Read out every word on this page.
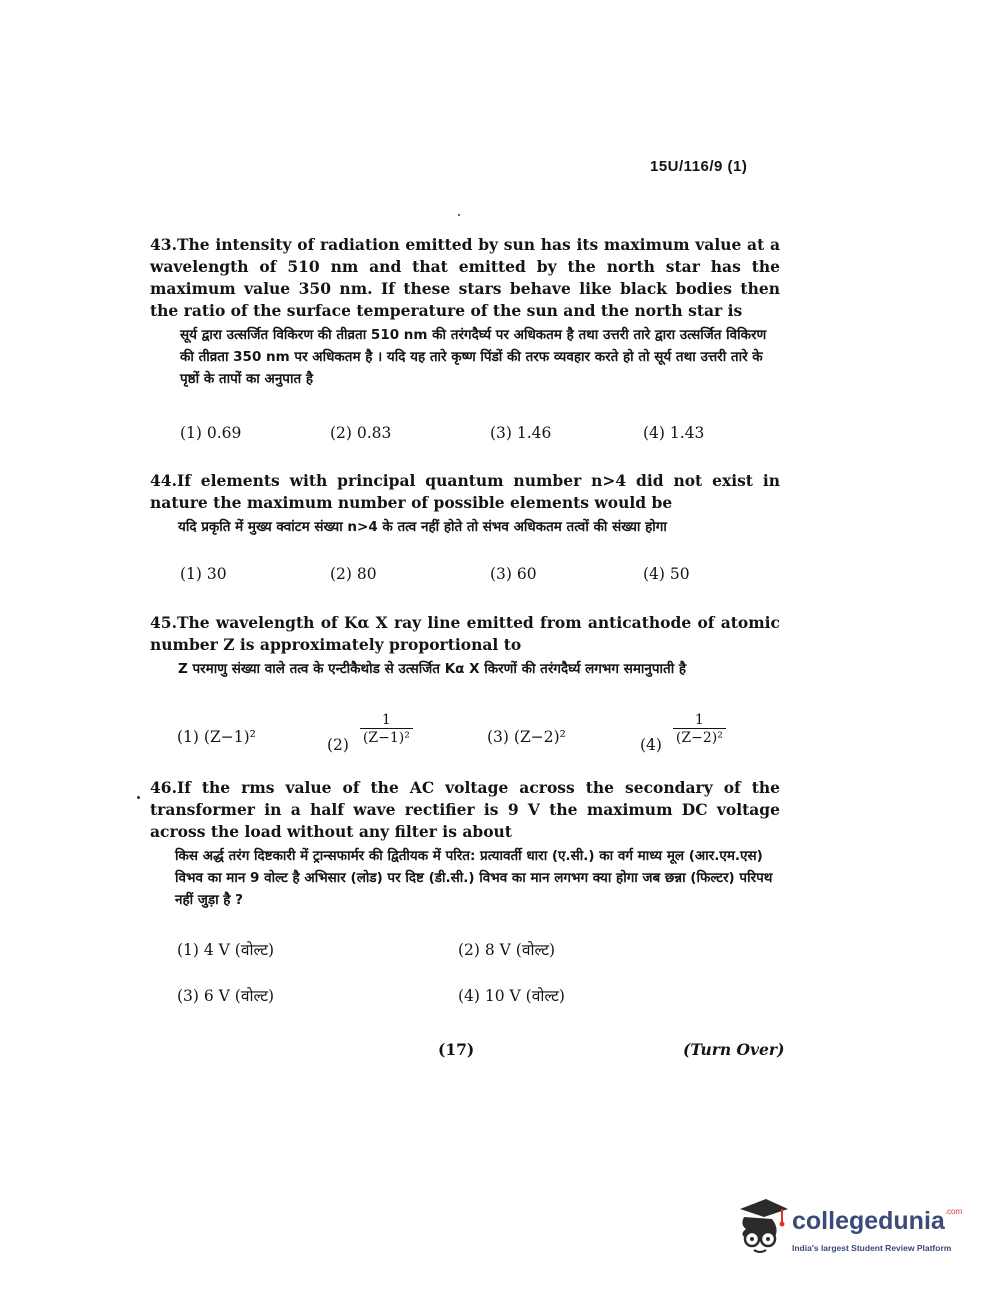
15U/116/9 (1)
43.The intensity of radiation emitted by sun has its maximum value at a wavelength of 510 nm and that emitted by the north star has the maximum value 350 nm. If these stars behave like black bodies then the ratio of the surface temperature of the sun and the north star is
सूर्य द्वारा उत्सर्जित विकिरण की तीव्रता 510 nm की तरंगदैर्घ्य पर अधिकतम है तथा उत्तरी तारे द्वारा उत्सर्जित विकिरण की तीव्रता 350 nm पर अधिकतम है । यदि यह तारे कृष्ण पिंडों की तरफ व्यवहार करते हो तो सूर्य तथा उत्तरी तारे के पृष्ठों के तापों का अनुपात है
(1) 0.69	(2) 0.83	(3) 1.46	(4) 1.43
44.If elements with principal quantum number n>4 did not exist in nature the maximum number of possible elements would be
यदि प्रकृति में मुख्य क्वांटम संख्या n>4 के तत्व नहीं होते तो संभव अधिकतम तत्वों की संख्या होगा
(1) 30	(2) 80	(3) 60	(4) 50
45.The wavelength of Kα X ray line emitted from anticathode of atomic number Z is approximately proportional to
Z परमाणु संख्या वाले तत्व के एन्टीकैथोड से उत्सर्जित Kα X किरणों की तरंगदैर्घ्य लगभग समानुपाती है
(1) (Z−1)²	$(2) \frac{1}{\text{(Z−1)²}}$	(3) (Z−2)²	$(4) \frac{1}{\text{(Z−2)²}}$
46.If the rms value of the AC voltage across the secondary of the transformer in a half wave rectifier is 9 V the maximum DC voltage across the load without any filter is about
किस अर्द्ध तरंग दिष्टकारी में ट्रान्सफार्मर की द्वितीयक में परित: प्रत्यावर्ती धारा (ए.सी.) का वर्ग माध्य मूल (आर.एम.एस) विभव का मान 9 वोल्ट है अभिसार (लोड) पर दिष्ट (डी.सी.) विभव का मान लगभग क्या होगा जब छन्ना (फिल्टर) परिपथ नहीं जुड़ा है ?
(1) 4 V (वोल्ट)	(2) 8 V (वोल्ट)
(3) 6 V (वोल्ट)	(4) 10 V (वोल्ट)
(17)	(Turn Over)
collegedunia$^{.com}$
India's largest Student Review Platform
